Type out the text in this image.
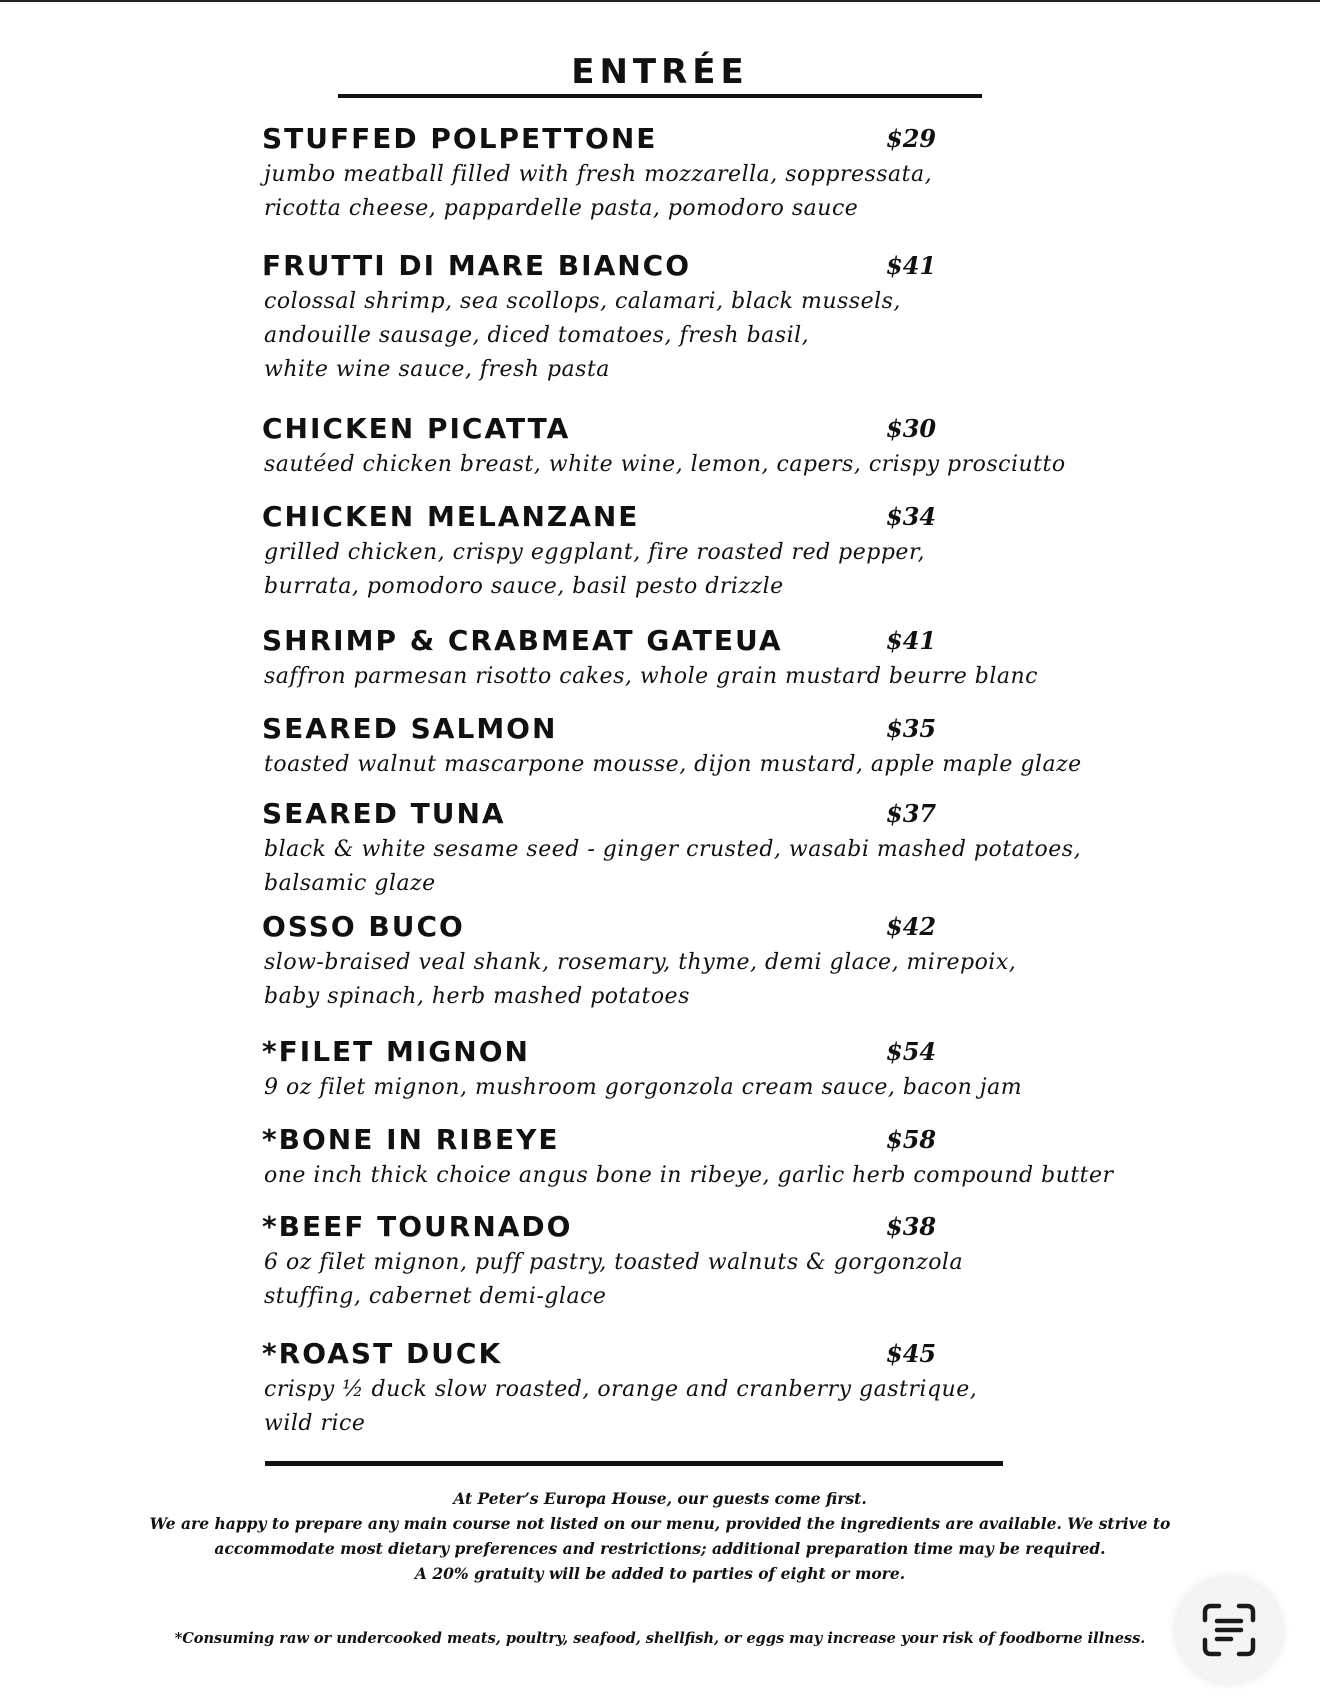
ENTRÉE
STUFFED POLPETTONE	$29
jumbo meatball filled with fresh mozzarella, soppressata,
ricotta cheese, pappardelle pasta, pomodoro sauce
FRUTTI DI MARE BIANCO	$41
colossal shrimp, sea scollops, calamari, black mussels,
andouille sausage, diced tomatoes, fresh basil,
white wine sauce, fresh pasta
CHICKEN PICATTA	$30
sautéed chicken breast, white wine, lemon, capers, crispy prosciutto
CHICKEN MELANZANE	$34
grilled chicken, crispy eggplant, fire roasted red pepper,
burrata, pomodoro sauce, basil pesto drizzle
SHRIMP & CRABMEAT GATEUA	$41
saffron parmesan risotto cakes, whole grain mustard beurre blanc
SEARED SALMON	$35
toasted walnut mascarpone mousse, dijon mustard, apple maple glaze
SEARED TUNA	$37
black & white sesame seed - ginger crusted, wasabi mashed potatoes,
balsamic glaze
OSSO BUCO	$42
slow-braised veal shank, rosemary, thyme, demi glace, mirepoix,
baby spinach, herb mashed potatoes
*FILET MIGNON	$54
9 oz filet mignon, mushroom gorgonzola cream sauce, bacon jam
*BONE IN RIBEYE	$58
one inch thick choice angus bone in ribeye, garlic herb compound butter
*BEEF TOURNADO	$38
6 oz filet mignon, puff pastry, toasted walnuts & gorgonzola
stuffing, cabernet demi-glace
*ROAST DUCK	$45
crispy ½ duck slow roasted, orange and cranberry gastrique,
wild rice
At Peter’s Europa House, our guests come first.
We are happy to prepare any main course not listed on our menu, provided the ingredients are available. We strive to
accommodate most dietary preferences and restrictions; additional preparation time may be required.
A 20% gratuity will be added to parties of eight or more.
*Consuming raw or undercooked meats, poultry, seafood, shellfish, or eggs may increase your risk of foodborne illness.
